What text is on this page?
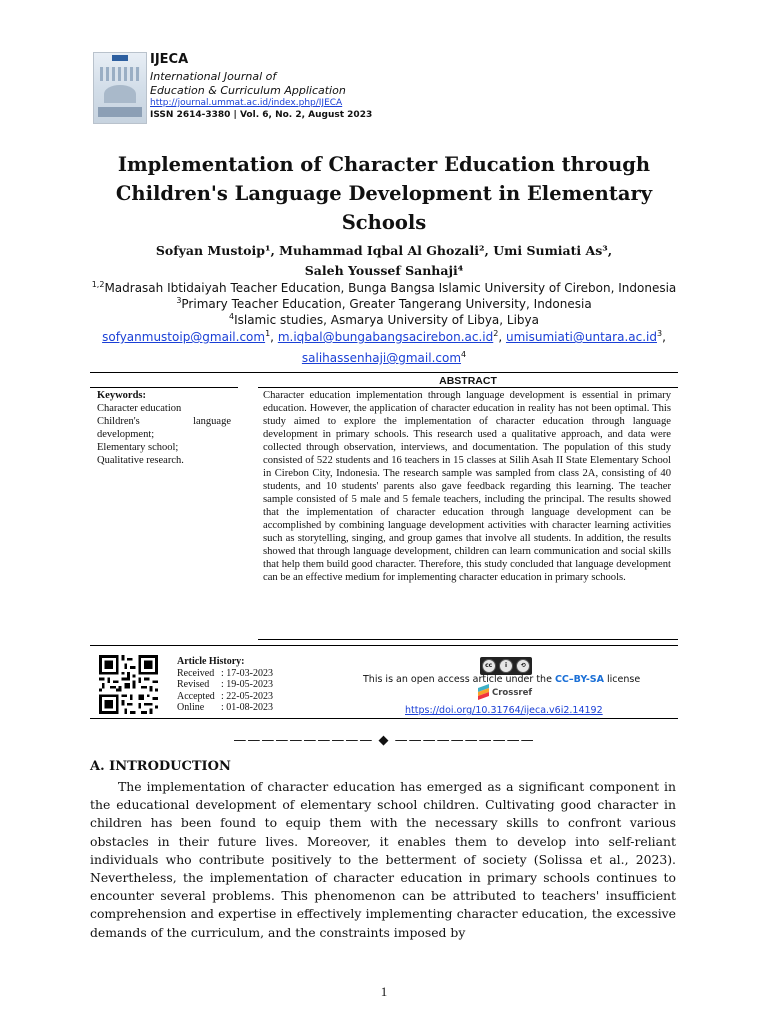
IJECA
International Journal of
Education & Curriculum Application
http://journal.ummat.ac.id/index.php/IJECA
ISSN 2614-3380 | Vol. 6, No. 2, August 2023
Implementation of Character Education through Children's Language Development in Elementary Schools
Sofyan Mustoip¹, Muhammad Iqbal Al Ghozali², Umi Sumiati As³,
Saleh Youssef Sanhaji⁴
$^{1,2}$Madrasah Ibtidaiyah Teacher Education, Bunga Bangsa Islamic University of Cirebon, Indonesia
$^3$Primary Teacher Education, Greater Tangerang University, Indonesia
$^4$Islamic studies, Asmarya University of Libya, Libya
sofyanmustoip@gmail.com$^1$, $m.iqbal@bungabangsacirebon.ac.id^2$, $umisumiati@untara.ac.id^3$,
salihassenhaji@gmail.com$^4$
Keywords:
Character education
Children's language
development;
Elementary school;
Qualitative research.
ABSTRACT

Character education implementation through language development is essential in primary education. However, the application of character education in reality has not been optimal. This study aimed to explore the implementation of character education through language development in primary schools. This research used a qualitative approach, and data were collected through observation, interviews, and documentation. The population of this study consisted of 522 students and 16 teachers in 15 classes at Silih Asah II State Elementary School in Cirebon City, Indonesia. The research sample was sampled from class 2A, consisting of 40 students, and 10 students' parents also gave feedback regarding this learning. The teacher sample consisted of 5 male and 5 female teachers, including the principal. The results showed that the implementation of character education through language development can be accomplished by combining language development activities with character learning activities such as storytelling, singing, and group games that involve all students. In addition, the results showed that through language development, children can learn communication and social skills that help them build good character. Therefore, this study concluded that language development can be an effective medium for implementing character education in primary schools.

Article History:
Received : 17-03-2023
Revised : 19-05-2023
Accepted : 22-05-2023
Online : 01-08-2023
cc	i	⟲
This is an open access article under the CC–BY-SA license
Crossref
https://doi.org/10.31764/ijeca.v6i2.14192
—————————— ◆ ——————————
A. INTRODUCTION

The implementation of character education has emerged as a significant component in the educational development of elementary school children. Cultivating good character in children has been found to equip them with the necessary skills to confront various obstacles in their future lives. Moreover, it enables them to develop into self-reliant individuals who contribute positively to the betterment of society (Solissa et al., 2023). Nevertheless, the implementation of character education in primary schools continues to encounter several problems. This phenomenon can be attributed to teachers' insufficient comprehension and expertise in effectively implementing character education, the excessive demands of the curriculum, and the constraints imposed by

1
